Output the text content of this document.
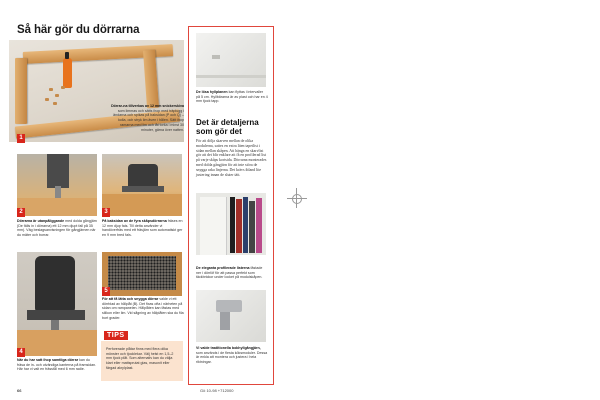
Så här gör du dörrarna
1
Dörrar-na tillverkas av 12 mm snickerskiva som limmas och sätts ihop med träplugg i ändarna och spikas på baksidan (P och Q) – kolla, och stryk lim även i hålen. Sätt ihop ramarna med lim och låt torka i minst 30 minuter, gärna över natten.
2
Dörrarna är utanpåliggande med dolda gångjärn (De fälls in i dörrarna) ett 12 mm djupt fall på 35 mm). Väg beslagsanvisningen för gångjärnen när du mäter och borrar.
3
På baksidan av de fyra skåpsdörrarna fräses en 12 mm djup fals. Till detta använder vi handöverfräs med ett fräsjärn som automatiskt ger en 9 mm bred fals.
4
När du har satt ihop samtliga dörrar kan du fräsa de in- och utvändiga kanterna på framsidan. Här har vi valt en frässtål med 6 mm radie.
5
För att få lätta och snygga dörrar valde vi ett dörrblad av hålplåt (B). Det fixas ofta i närheten på sidan om rampanelen. Hålplåten kan fästas med silikon eller lim. Vid sågning av hålplåten ska du fila bort grader.
TIPS
Perforerade plåtar finns med flera olika mönster och tjocklekar. Välj helst en 1,5–2 mm tjock plåt. Som alternativ kan du välja klart eller mattsprutat glas, masonit eller färgad akrylplast.
66	Gö 10-98 +712000
De lösa hyllplanen kan flyttas i intervaller på 5 cm. Hyllbärarna är av plast och har en 4 mm tjock tapp.
Det är detaljerna som gör det
För att dölja skarven mellan de olika modulerna, sattes en extra liten tapetlist i sidan mellan skåpen. Att hänga en skarvlist gör att det blir enklare att få en profilerad list på varje skåps kortsida. Dörrarna monterades med dolda gångjärn för att inte störa de snygga raka linjerna. Det krävs ibland lite justering innan de sluter tätt.
De eleganta profilerade listerna fästade ner i dörrlöf för att passa perfekt som täckbrickor under locket på modulskåpen.
Vi valde traditionella bokhyllgångjärn, som används i de flesta köksmoduler. Dessa är enkla att montera och justera i hela riktningar.
